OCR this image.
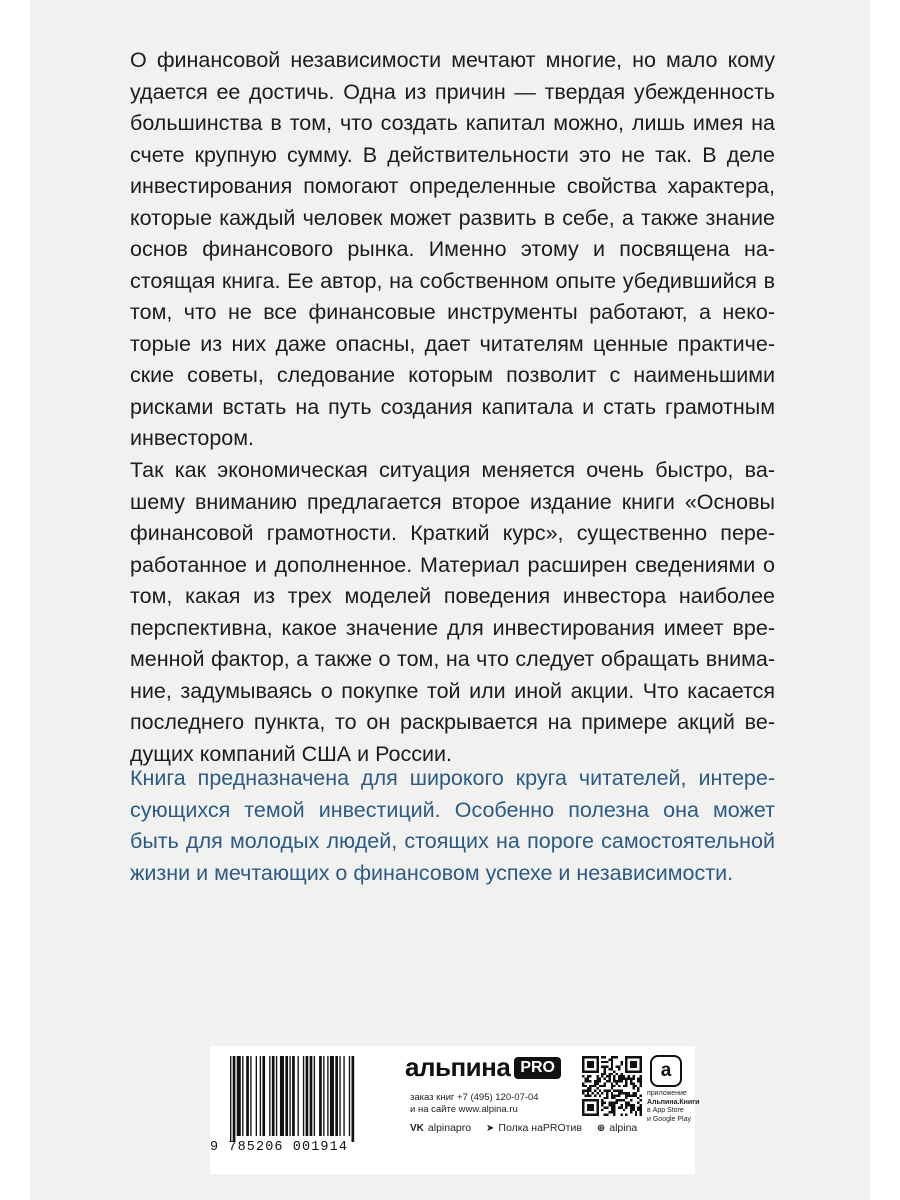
О финансовой независимости мечтают многие, но мало кому удается ее достичь. Одна из причин — твердая убежденность большинства в том, что создать капитал можно, лишь имея на счете крупную сумму. В действительности это не так. В деле инвестирования помогают определенные свойства характера, которые каждый человек может развить в себе, а также знание основ финансового рынка. Именно этому и посвящена настоящая книга. Ее автор, на собственном опыте убедившийся в том, что не все финансовые инструменты работают, а некоторые из них даже опасны, дает читателям ценные практические советы, следование которым позволит с наименьшими рисками встать на путь создания капитала и стать грамотным инвестором.

Так как экономическая ситуация меняется очень быстро, вашему вниманию предлагается второе издание книги «Основы финансовой грамотности. Краткий курс», существенно переработанное и дополненное. Материал расширен сведениями о том, какая из трех моделей поведения инвестора наиболее перспективна, какое значение для инвестирования имеет временной фактор, а также о том, на что следует обращать внимание, задумываясь о покупке той или иной акции. Что касается последнего пункта, то он раскрывается на примере акций ведущих компаний США и России.

Книга предназначена для широкого круга читателей, интересующихся темой инвестиций. Особенно полезна она может быть для молодых людей, стоящих на пороге самостоятельной жизни и мечтающих о финансовом успехе и независимости.

9 785206 001914
альпина PRO
заказ книг +7 (495) 120-07-04
и на сайте www.alpina.ru
a
приложение
Альпина.Книги
в App Store
и Google Play
VK alpinapro ➤ Полка наPROтив ⊕ alpina
